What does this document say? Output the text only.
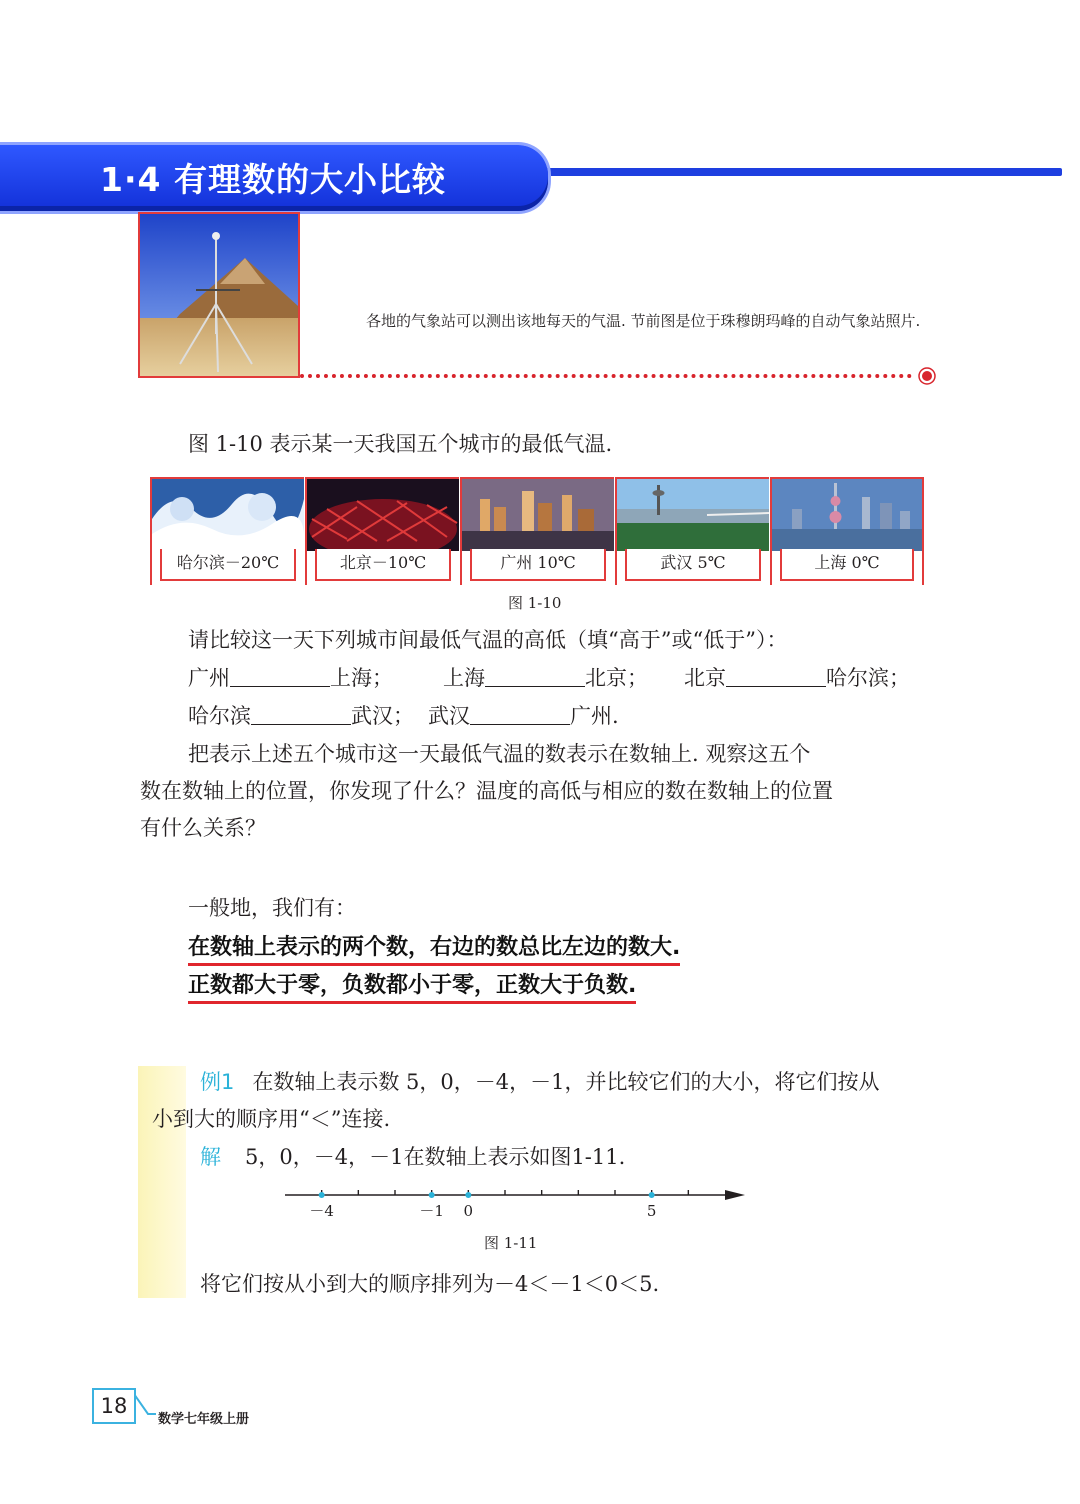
1·4 有理数的大小比较
各地的气象站可以测出该地每天的气温. 节前图是位于珠穆朗玛峰的自动气象站照片.
图 1-10 表示某一天我国五个城市的最低气温.
哈尔滨－20℃	北京－10℃	广州 10℃	武汉 5℃	上海 0℃
图 1-10
请比较这一天下列城市间最低气温的高低（填“高于”或“低于”）：
广州	上海； 上海	北京； 北京	哈尔滨；
哈尔滨	武汉； 武汉	广州.
把表示上述五个城市这一天最低气温的数表示在数轴上. 观察这五个
数在数轴上的位置，你发现了什么？温度的高低与相应的数在数轴上的位置
有什么关系？
一般地，我们有：
在数轴上表示的两个数，右边的数总比左边的数大.
正数都大于零，负数都小于零，正数大于负数.
例1 在数轴上表示数 5，0，－4，－1，并比较它们的大小，将它们按从
小到大的顺序用“＜”连接.
解 5，0，－4，－1在数轴上表示如图1-11.
－4	－1 0	5
图 1-11
将它们按从小到大的顺序排列为－4＜－1＜0＜5.
18
数学七年级上册
